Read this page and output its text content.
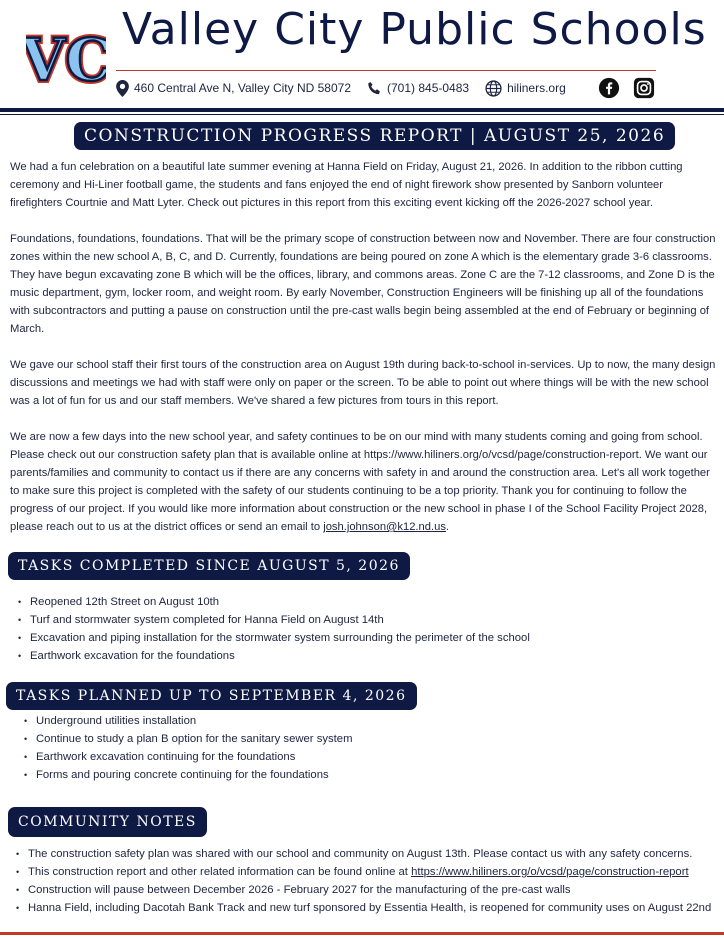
VC
VC Valley City Public Schools
460 Central Ave N, Valley City ND 58072	(701) 845-0483	hiliners.org
CONSTRUCTION PROGRESS REPORT | AUGUST 25, 2026

We had a fun celebration on a beautiful late summer evening at Hanna Field on Friday, August 21, 2026. In addition to the ribbon cutting ceremony and Hi-Liner football game, the students and fans enjoyed the end of night firework show presented by Sanborn volunteer firefighters Courtnie and Matt Lyter. Check out pictures in this report from this exciting event kicking off the 2026-2027 school year.

Foundations, foundations, foundations. That will be the primary scope of construction between now and November. There are four construction zones within the new school A, B, C, and D. Currently, foundations are being poured on zone A which is the elementary grade 3-6 classrooms. They have begun excavating zone B which will be the offices, library, and commons areas. Zone C are the 7-12 classrooms, and Zone D is the music department, gym, locker room, and weight room. By early November, Construction Engineers will be finishing up all of the foundations with subcontractors and putting a pause on construction until the pre-cast walls begin being assembled at the end of February or beginning of March.

We gave our school staff their first tours of the construction area on August 19th during back-to-school in-services. Up to now, the many design discussions and meetings we had with staff were only on paper or the screen. To be able to point out where things will be with the new school was a lot of fun for us and our staff members. We've shared a few pictures from tours in this report.

We are now a few days into the new school year, and safety continues to be on our mind with many students coming and going from school. Please check out our construction safety plan that is available online at https://www.hiliners.org/o/vcsd/page/construction-report. We want our parents/families and community to contact us if there are any concerns with safety in and around the construction area. Let's all work together to make sure this project is completed with the safety of our students continuing to be a top priority. Thank you for continuing to follow the progress of our project. If you would like more information about construction or the new school in phase I of the School Facility Project 2028, please reach out to us at the district offices or send an email to josh.johnson@k12.nd.us.

TASKS COMPLETED SINCE AUGUST 5, 2026
• Reopened 12th Street on August 10th
• Turf and stormwater system completed for Hanna Field on August 14th
• Excavation and piping installation for the stormwater system surrounding the perimeter of the school
• Earthwork excavation for the foundations
TASKS PLANNED UP TO SEPTEMBER 4, 2026
• Underground utilities installation
• Continue to study a plan B option for the sanitary sewer system
• Earthwork excavation continuing for the foundations
• Forms and pouring concrete continuing for the foundations
COMMUNITY NOTES
• The construction safety plan was shared with our school and community on August 13th. Please contact us with any safety concerns.
• This construction report and other related information can be found online at https://www.hiliners.org/o/vcsd/page/construction-report
• Construction will pause between December 2026 - February 2027 for the manufacturing of the pre-cast walls
• Hanna Field, including Dacotah Bank Track and new turf sponsored by Essentia Health, is reopened for community uses on August 22nd
